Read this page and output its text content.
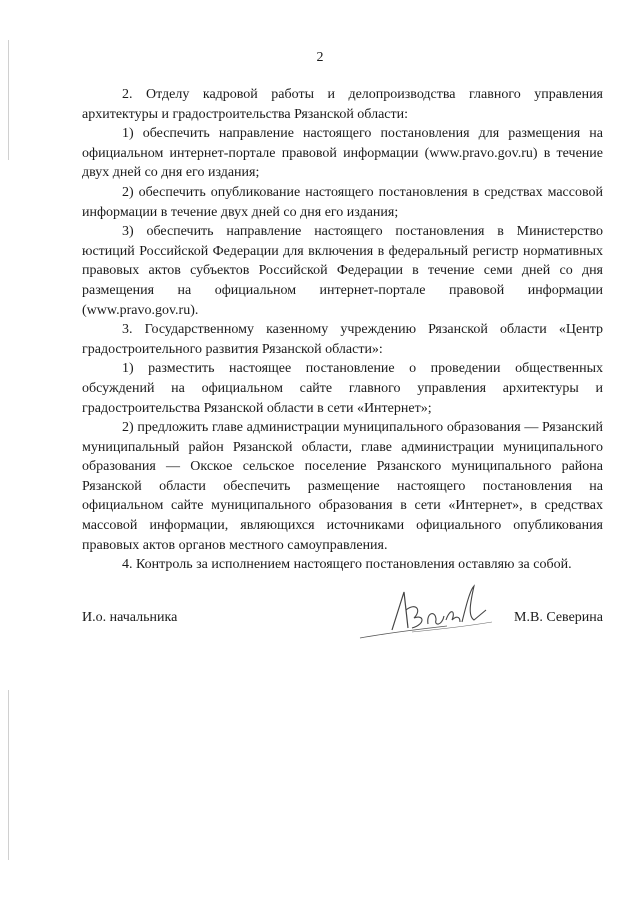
2

2. Отделу кадровой работы и делопроизводства главного управления архитектуры и градостроительства Рязанской области:

1) обеспечить направление настоящего постановления для размещения на официальном интернет-портале правовой информации (www.pravo.gov.ru) в течение двух дней со дня его издания;

2) обеспечить опубликование настоящего постановления в средствах массовой информации в течение двух дней со дня его издания;

3) обеспечить направление настоящего постановления в Министерство юстиций Российской Федерации для включения в федеральный регистр нормативных правовых актов субъектов Российской Федерации в течение семи дней со дня размещения на официальном интернет-портале правовой информации (www.pravo.gov.ru).

3. Государственному казенному учреждению Рязанской области «Центр градостроительного развития Рязанской области»:

1) разместить настоящее постановление о проведении общественных обсуждений на официальном сайте главного управления архитектуры и градостроительства Рязанской области в сети «Интернет»;

2) предложить главе администрации муниципального образования — Рязанский муниципальный район Рязанской области, главе администрации муниципального образования — Окское сельское поселение Рязанского муниципального района Рязанской области обеспечить размещение настоящего постановления на официальном сайте муниципального образования в сети «Интернет», в средствах массовой информации, являющихся источниками официального опубликования правовых актов органов местного самоуправления.

4. Контроль за исполнением настоящего постановления оставляю за собой.

И.о. начальника	М.В. Северина
